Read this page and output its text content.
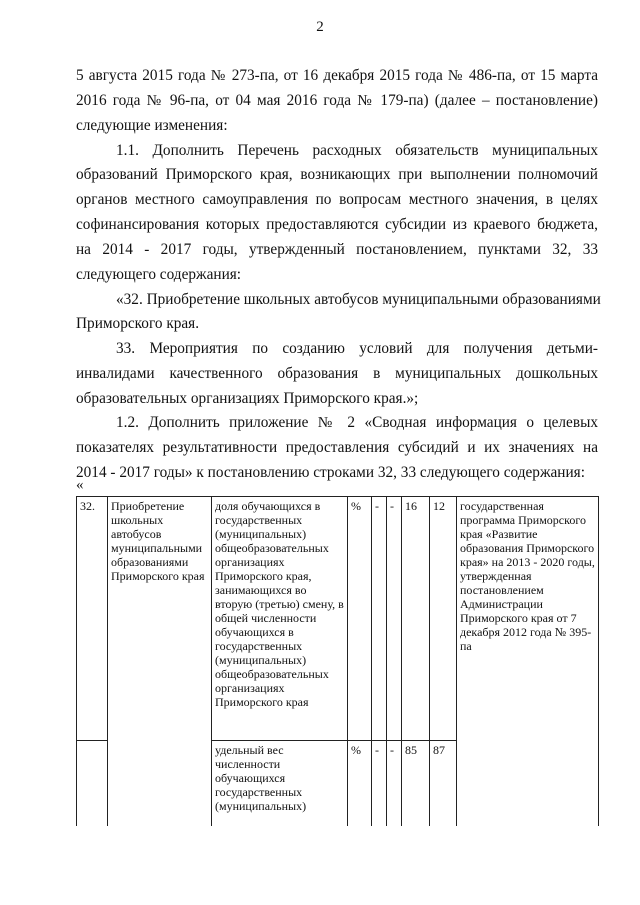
2
5 августа 2015 года № 273-па, от 16 декабря 2015 года № 486-па, от 15 марта
2016 года № 96-па, от 04 мая 2016 года № 179-па) (далее – постановление)
следующие изменения:
1.1. Дополнить Перечень расходных обязательств муниципальных
образований Приморского края, возникающих при выполнении полномочий
органов местного самоуправления по вопросам местного значения, в целях
софинансирования которых предоставляются субсидии из краевого бюджета,
на 2014 - 2017 годы, утвержденный постановлением, пунктами 32, 33
следующего содержания:
«32. Приобретение школьных автобусов муниципальными образованиями
Приморского края.
33. Мероприятия по созданию условий для получения детьми-
инвалидами качественного образования в муниципальных дошкольных
образовательных организациях Приморского края.»;
1.2. Дополнить приложение № 2 «Сводная информация о целевых
показателях результативности предоставления субсидий и их значениях на
2014 - 2017 годы» к постановлению строками 32, 33 следующего содержания:
«
32.	Приобретение школьных автобусов муниципальными образованиями Приморского края	доля обучающихся в государственных (муниципальных) общеобразовательных организациях Приморского края, занимающихся во вторую (третью) смену, в общей численности обучающихся в государственных (муниципальных) общеобразовательных организациях Приморского края	%	-	-	16	12	государственная программа Приморского края «Развитие образования Приморского края» на 2013 - 2020 годы, утвержденная постановлением Администрации Приморского края от 7 декабря 2012 года № 395-па
		удельный вес численности обучающихся государственных (муниципальных)	%	-	-	85	87	
